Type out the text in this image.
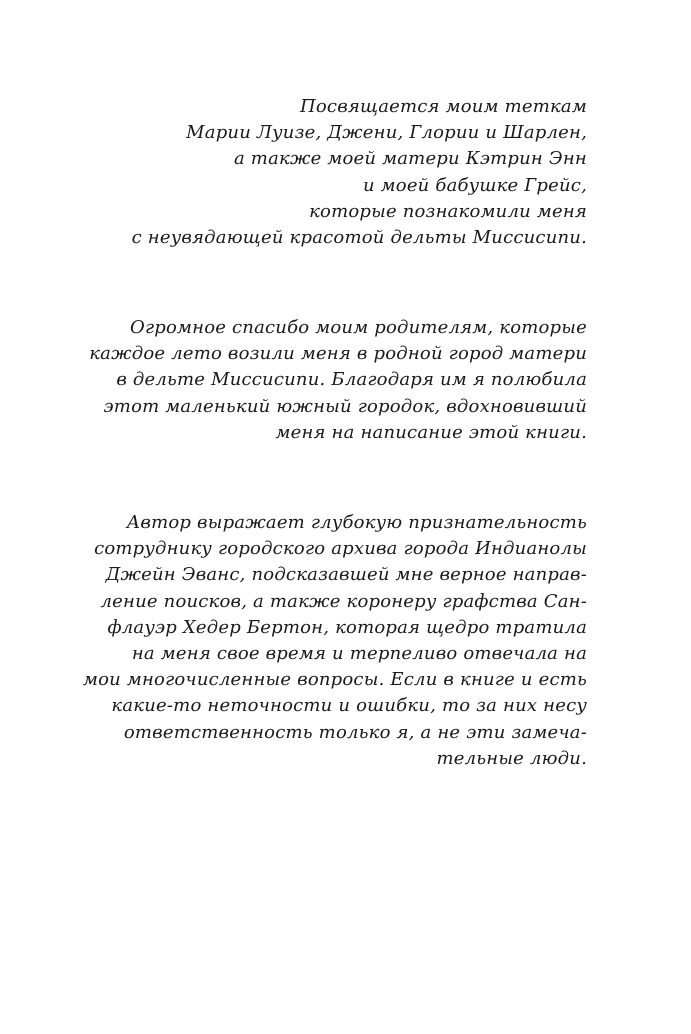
Посвящается моим теткам
Марии Луизе, Джени, Глории и Шарлен,
а также моей матери Кэтрин Энн
и моей бабушке Грейс,
которые познакомили меня
с неувядающей красотой дельты Миссисипи.
Огромное спасибо моим родителям, которые
каждое лето возили меня в родной город матери
в дельте Миссисипи. Благодаря им я полюбила
этот маленький южный городок, вдохновивший
меня на написание этой книги.
Автор выражает глубокую признательность
сотруднику городского архива города Индианолы
Джейн Эванс, подсказавшей мне верное направ-
ление поисков, а также коронеру графства Сан-
флауэр Хедер Бертон, которая щедро тратила
на меня свое время и терпеливо отвечала на
мои многочисленные вопросы. Если в книге и есть
какие-то неточности и ошибки, то за них несу
ответственность только я, а не эти замеча-
тельные люди.
